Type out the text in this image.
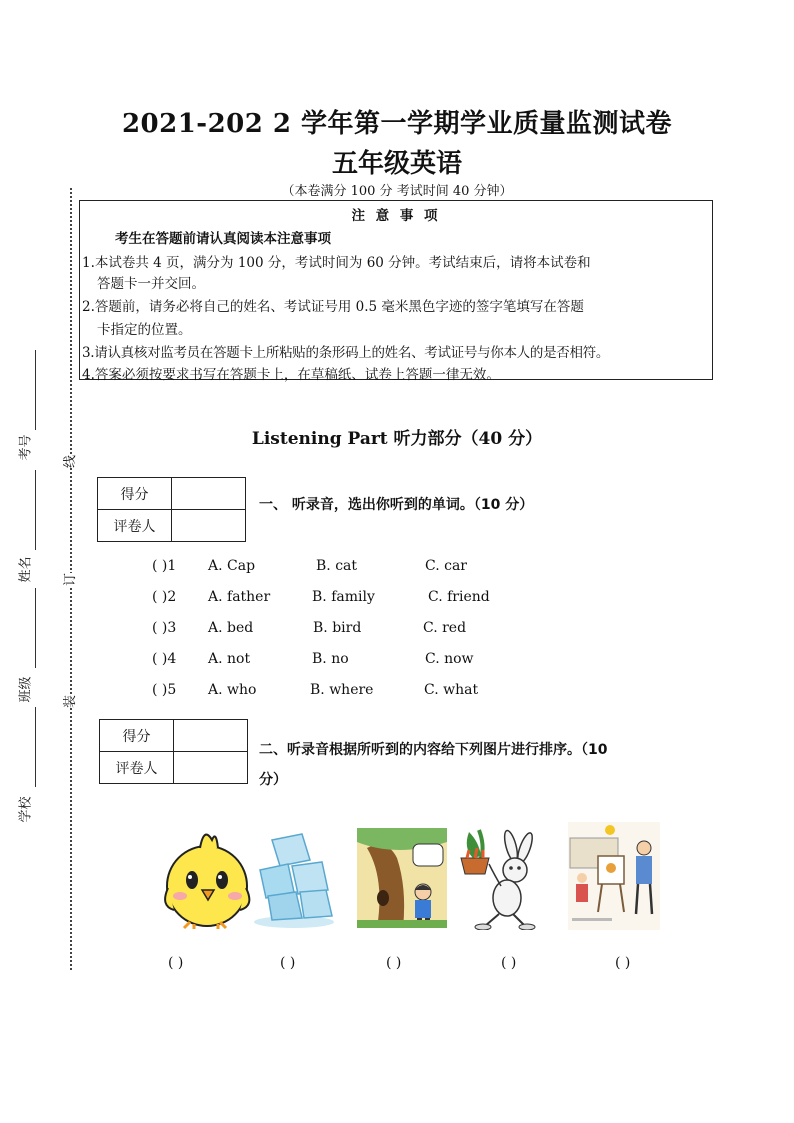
2021-202 2 学年第一学期学业质量监测试卷
五年级英语
（本卷满分 100 分 考试时间 40 分钟）
注 意 事 项
考生在答题前请认真阅读本注意事项
1.本试卷共 4 页，满分为 100 分，考试时间为 60 分钟。考试结束后，请将本试卷和
答题卡一并交回。
2.答题前，请务必将自己的姓名、考试证号用 0.5 毫米黑色字迹的签字笔填写在答题
卡指定的位置。
3.请认真核对监考员在答题卡上所粘贴的条形码上的姓名、考试证号与你本人的是否相符。
4.答案必须按要求书写在答题卡上，在草稿纸、试卷上答题一律无效。
Listening Part 听力部分（40 分）
得分	
评卷人	
一、 听录音，选出你听到的单词。（10 分）
( )1 A. Cap	B. cat	C. car
( )2 A. father	B. family	C. friend
( )3 A. bed	B. bird	C. red
( )4 A. not	B. no	C. now
( )5 A. who	B. where	C. what
得分	
评卷人	
二、听录音根据所听到的内容给下列图片进行排序。（10
分）
( )	( )	( )	( )	( )
考号
姓名
班级
学校
线
订
装
